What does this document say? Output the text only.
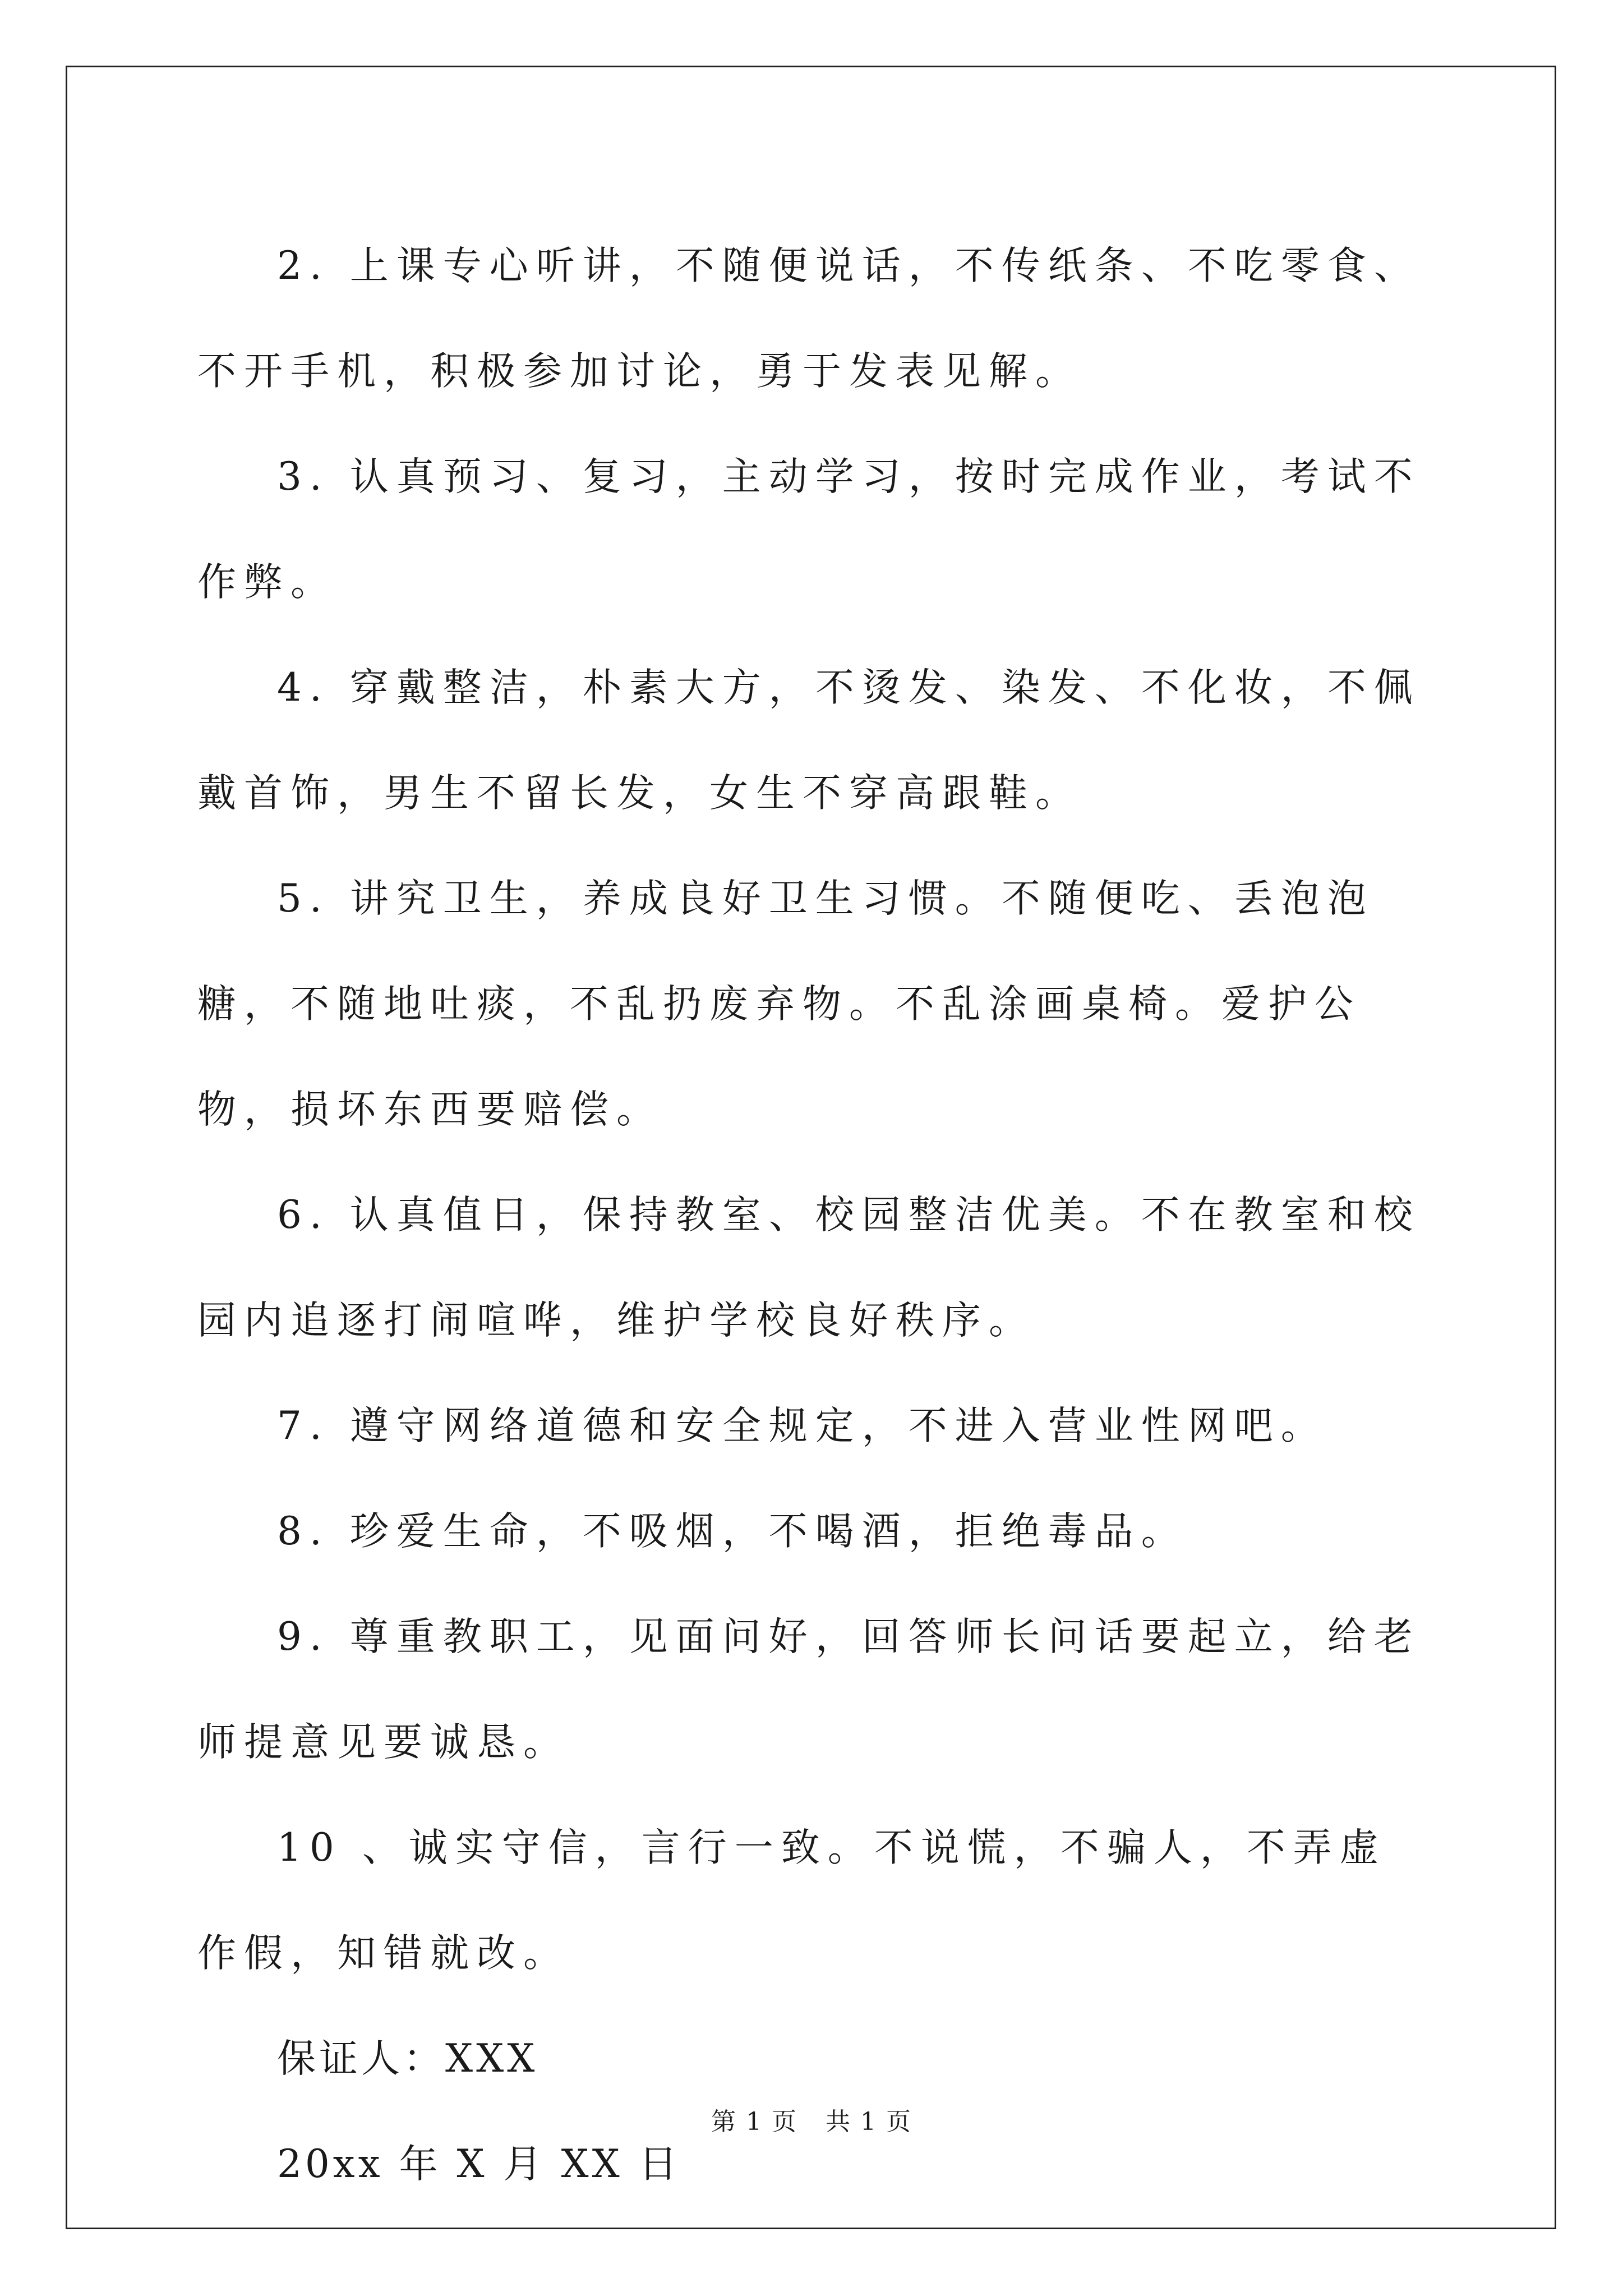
2. 上课专心听讲，不随便说话，不传纸条、不吃零食、不开手机，积极参加讨论，勇于发表见解。

3. 认真预习、复习，主动学习，按时完成作业，考试不作弊。

4. 穿戴整洁，朴素大方，不烫发、染发、不化妆，不佩戴首饰，男生不留长发，女生不穿高跟鞋。

5. 讲究卫生，养成良好卫生习惯。不随便吃、丢泡泡糖，不随地吐痰，不乱扔废弃物。不乱涂画桌椅。爱护公物，损坏东西要赔偿。

6. 认真值日，保持教室、校园整洁优美。不在教室和校园内追逐打闹喧哗，维护学校良好秩序。

7. 遵守网络道德和安全规定，不进入营业性网吧。

8. 珍爱生命，不吸烟，不喝酒，拒绝毒品。

9. 尊重教职工，见面问好，回答师长问话要起立，给老师提意见要诚恳。

10 、诚实守信，言行一致。不说慌，不骗人，不弄虚作假，知错就改。

保证人：XXX

20xx 年 X 月 XX 日

第 1 页 共 1 页
